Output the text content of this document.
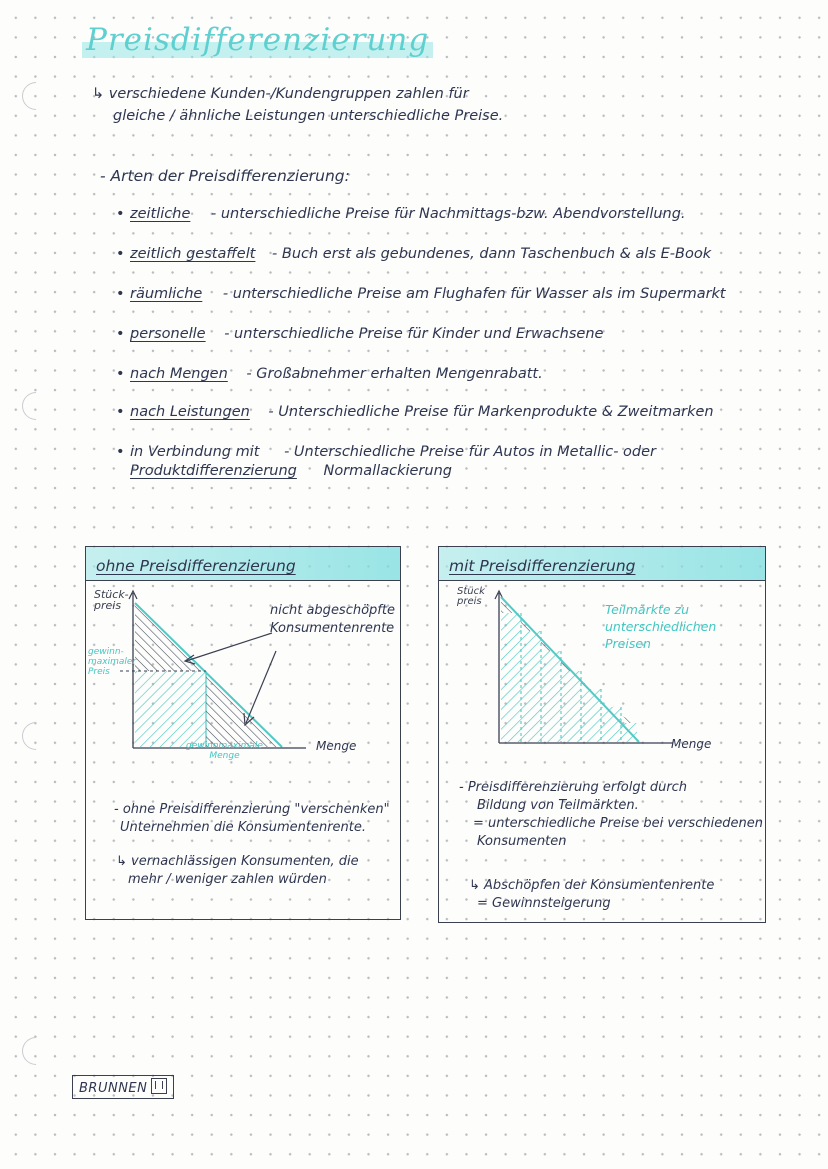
Preisdifferenzierung
↳ verschiedene Kunden-/Kundengruppen zahlen für
gleiche / ähnliche Leistungen unterschiedliche Preise.
- Arten der Preisdifferenzierung:
• zeitliche - unterschiedliche Preise für Nachmittags-bzw. Abendvorstellung.
• zeitlich gestaffelt - Buch erst als gebundenes, dann Taschenbuch & als E-Book
• räumliche - unterschiedliche Preise am Flughafen für Wasser als im Supermarkt
• personelle - unterschiedliche Preise für Kinder und Erwachsene
• nach Mengen - Großabnehmer erhalten Mengenrabatt.
• nach Leistungen - Unterschiedliche Preise für Markenprodukte & Zweitmarken
• in Verbindung mit - Unterschiedliche Preise für Autos in Metallic- oder
Produktdifferenzierung Normallackierung
ohne Preisdifferenzierung
Stück-
preis
gewinn-
maximaler
Preis
nicht abgeschöpfte
Konsumentenrente
Menge
gewinnmaximale
Menge
- ohne Preisdifferenzierung "verschenken"
Unternehmen die Konsumentenrente.
↳ vernachlässigen Konsumenten, die
mehr / weniger zahlen würden
mit Preisdifferenzierung
Stück
preis
Teilmärkte zu
unterschiedlichen
Preisen
Menge
- Preisdifferenzierung erfolgt durch
Bildung von Teilmärkten.
= unterschiedliche Preise bei verschiedenen
Konsumenten
↳ Abschöpfen der Konsumentenrente
= Gewinnsteigerung
BRUNNEN
